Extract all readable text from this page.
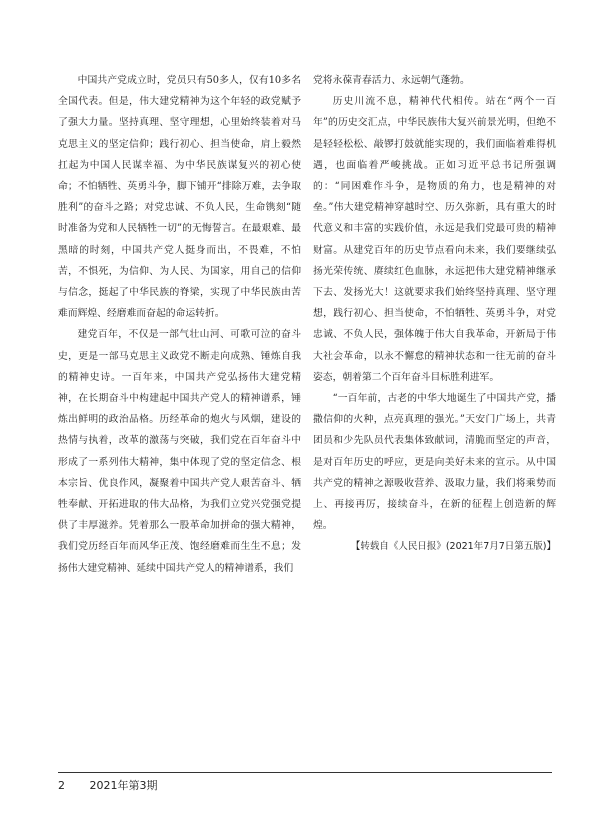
中国共产党成立时，党员只有50多人，仅有10多名全国代表。但是，伟大建党精神为这个年轻的政党赋予了强大力量。坚持真理、坚守理想，心里始终装着对马克思主义的坚定信仰；践行初心、担当使命，肩上毅然扛起为中国人民谋幸福、为中华民族谋复兴的初心使命；不怕牺牲、英勇斗争，脚下铺开“排除万难，去争取胜利”的奋斗之路；对党忠诚、不负人民，生命镌刻“随时准备为党和人民牺牲一切”的无悔誓言。在最艰难、最黑暗的时刻，中国共产党人挺身而出，不畏难，不怕苦，不惧死，为信仰、为人民、为国家，用自己的信仰与信念，挺起了中华民族的脊梁，实现了中华民族由苦难而辉煌、经磨难而奋起的命运转折。

建党百年，不仅是一部气壮山河、可歌可泣的奋斗史，更是一部马克思主义政党不断走向成熟、锤炼自我的精神史诗。一百年来，中国共产党弘扬伟大建党精神，在长期奋斗中构建起中国共产党人的精神谱系，锤炼出鲜明的政治品格。历经革命的炮火与风烟，建设的热情与执着，改革的激荡与突破，我们党在百年奋斗中形成了一系列伟大精神，集中体现了党的坚定信念、根本宗旨、优良作风，凝聚着中国共产党人艰苦奋斗、牺牲奉献、开拓进取的伟大品格，为我们立党兴党强党提供了丰厚滋养。凭着那么一股革命加拼命的强大精神，我们党历经百年而风华正茂、饱经磨难而生生不息；发扬伟大建党精神、延续中国共产党人的精神谱系，我们

党将永葆青春活力、永远朝气蓬勃。

历史川流不息，精神代代相传。站在“两个一百年”的历史交汇点，中华民族伟大复兴前景光明，但绝不是轻轻松松、敲锣打鼓就能实现的，我们面临着难得机遇，也面临着严峻挑战。正如习近平总书记所强调的：“同困难作斗争，是物质的角力，也是精神的对垒。”伟大建党精神穿越时空、历久弥新，具有重大的时代意义和丰富的实践价值，永远是我们党最可贵的精神财富。从建党百年的历史节点看向未来，我们要继续弘扬光荣传统、赓续红色血脉，永远把伟大建党精神继承下去、发扬光大！这就要求我们始终坚持真理、坚守理想，践行初心、担当使命，不怕牺牲、英勇斗争，对党忠诚、不负人民，强体魄于伟大自我革命，开新局于伟大社会革命，以永不懈怠的精神状态和一往无前的奋斗姿态，朝着第二个百年奋斗目标胜利进军。

“一百年前，古老的中华大地诞生了中国共产党，播撒信仰的火种，点亮真理的强光。”天安门广场上，共青团员和少先队员代表集体致献词，清脆而坚定的声音，是对百年历史的呼应，更是向美好未来的宣示。从中国共产党的精神之源吸收营养、汲取力量，我们将乘势而上、再接再厉，接续奋斗，在新的征程上创造新的辉煌。

【转载自《人民日报》(2021年7月7日第五版)】

2 2021年第3期
